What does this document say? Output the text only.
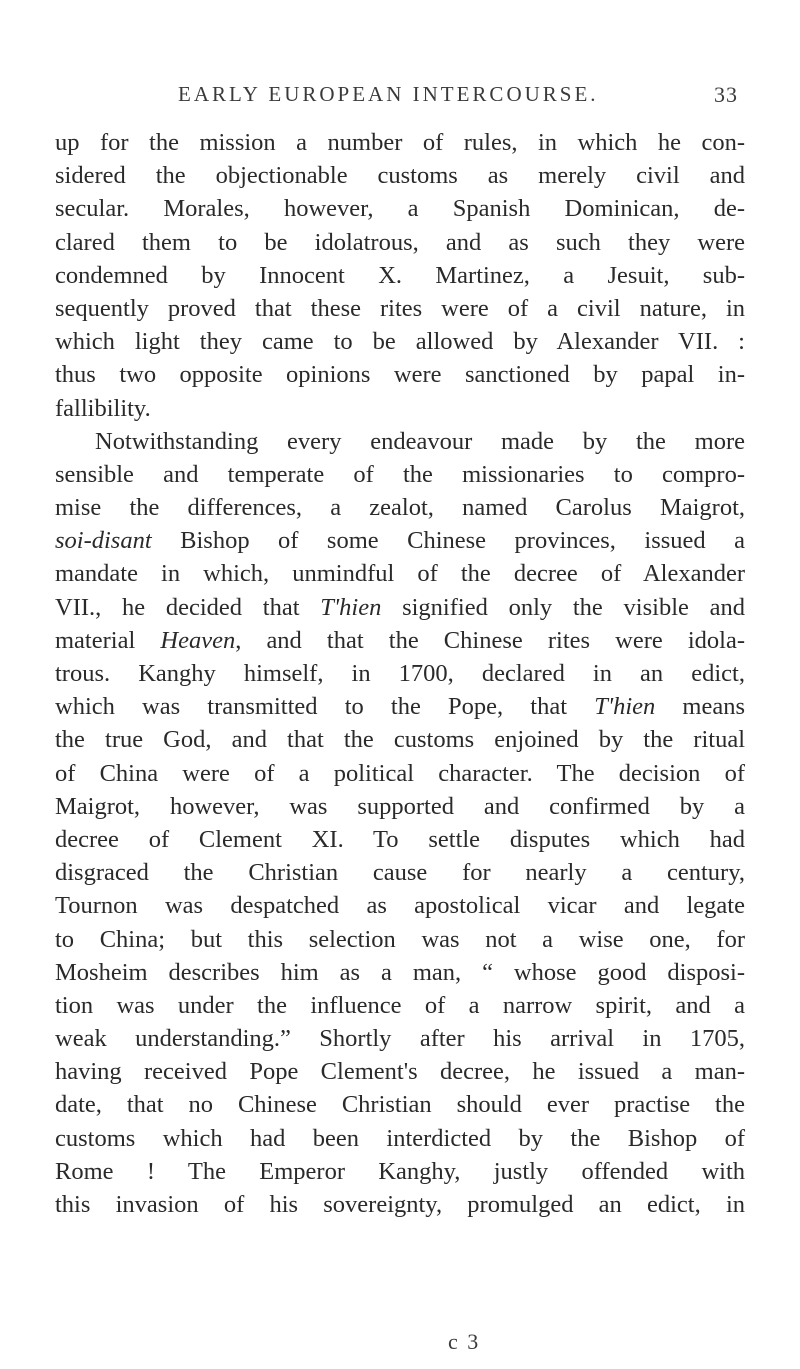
EARLY EUROPEAN INTERCOURSE.	33
up for the mission a number of rules, in which he con-
sidered the objectionable customs as merely civil and
secular. Morales, however, a Spanish Dominican, de-
clared them to be idolatrous, and as such they were
condemned by Innocent X. Martinez, a Jesuit, sub-
sequently proved that these rites were of a civil nature, in
which light they came to be allowed by Alexander VII. :
thus two opposite opinions were sanctioned by papal in-
fallibility.
Notwithstanding every endeavour made by the more
sensible and temperate of the missionaries to compro-
mise the differences, a zealot, named Carolus Maigrot,
soi-disant Bishop of some Chinese provinces, issued a
mandate in which, unmindful of the decree of Alexander
VII., he decided that T'hien signified only the visible and
material Heaven, and that the Chinese rites were idola-
trous. Kanghy himself, in 1700, declared in an edict,
which was transmitted to the Pope, that T'hien means
the true God, and that the customs enjoined by the ritual
of China were of a political character. The decision of
Maigrot, however, was supported and confirmed by a
decree of Clement XI. To settle disputes which had
disgraced the Christian cause for nearly a century,
Tournon was despatched as apostolical vicar and legate
to China; but this selection was not a wise one, for
Mosheim describes him as a man, “ whose good disposi-
tion was under the influence of a narrow spirit, and a
weak understanding.” Shortly after his arrival in 1705,
having received Pope Clement's decree, he issued a man-
date, that no Chinese Christian should ever practise the
customs which had been interdicted by the Bishop of
Rome ! The Emperor Kanghy, justly offended with
this invasion of his sovereignty, promulged an edict, in
c 3
